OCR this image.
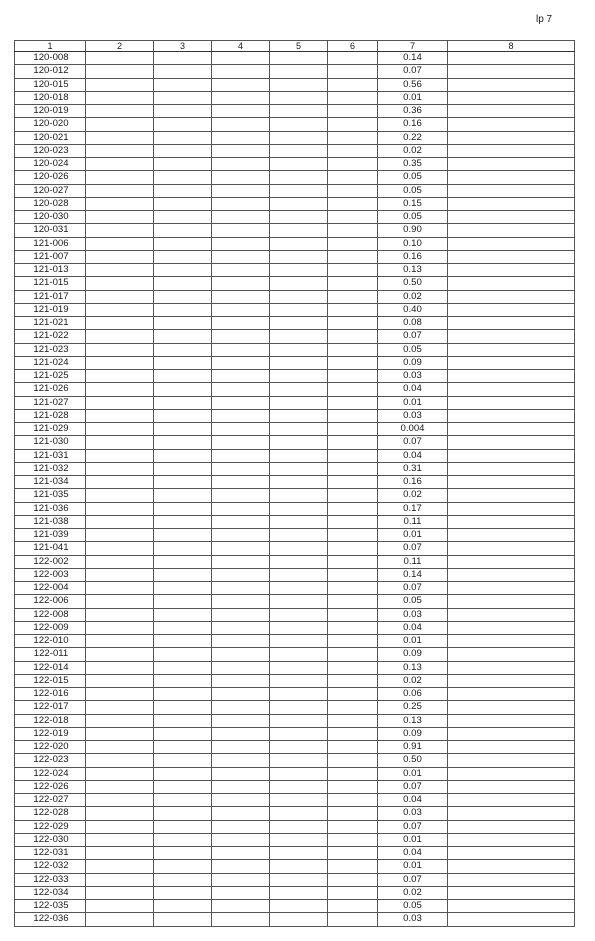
lp 7
1	2	3	4	5	6	7	8
120-008						0.14	
120-012						0.07	
120-015						0.56	
120-018						0.01	
120-019						0.36	
120-020						0.16	
120-021						0.22	
120-023						0.02	
120-024						0.35	
120-026						0.05	
120-027						0.05	
120-028						0.15	
120-030						0.05	
120-031						0.90	
121-006						0.10	
121-007						0.16	
121-013						0.13	
121-015						0.50	
121-017						0.02	
121-019						0.40	
121-021						0.08	
121-022						0.07	
121-023						0.05	
121-024						0.09	
121-025						0.03	
121-026						0.04	
121-027						0.01	
121-028						0.03	
121-029						0.004	
121-030						0.07	
121-031						0.04	
121-032						0.31	
121-034						0.16	
121-035						0.02	
121-036						0.17	
121-038						0.11	
121-039						0.01	
121-041						0.07	
122-002						0.11	
122-003						0.14	
122-004						0.07	
122-006						0.05	
122-008						0.03	
122-009						0.04	
122-010						0.01	
122-011						0.09	
122-014						0.13	
122-015						0.02	
122-016						0.06	
122-017						0.25	
122-018						0.13	
122-019						0.09	
122-020						0.91	
122-023						0.50	
122-024						0.01	
122-026						0.07	
122-027						0.04	
122-028						0.03	
122-029						0.07	
122-030						0.01	
122-031						0.04	
122-032						0.01	
122-033						0.07	
122-034						0.02	
122-035						0.05	
122-036						0.03	
